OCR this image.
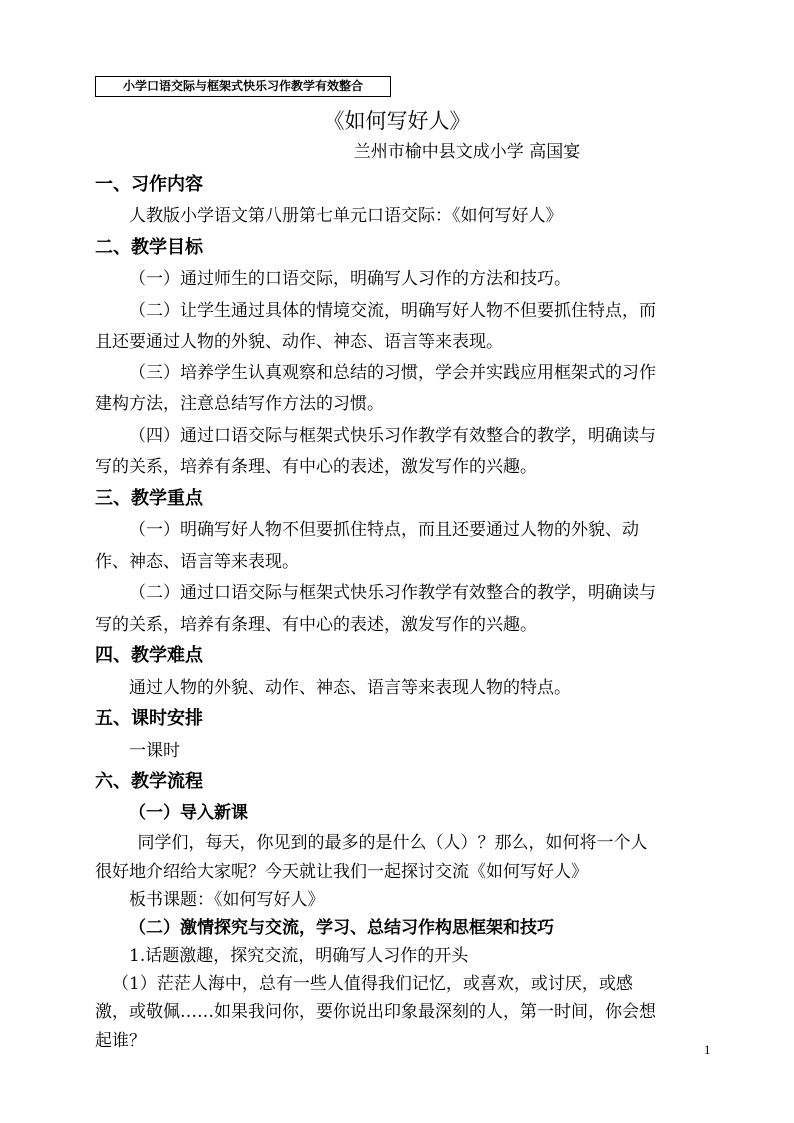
小学口语交际与框架式快乐习作教学有效整合
《如何写好人》
兰州市榆中县文成小学 高国宴
一、习作内容
人教版小学语文第八册第七单元口语交际：《如何写好人》
二、教学目标
（一）通过师生的口语交际，明确写人习作的方法和技巧。
（二）让学生通过具体的情境交流，明确写好人物不但要抓住特点，而
且还要通过人物的外貌、动作、神态、语言等来表现。
（三）培养学生认真观察和总结的习惯，学会并实践应用框架式的习作
建构方法，注意总结写作方法的习惯。
（四）通过口语交际与框架式快乐习作教学有效整合的教学，明确读与
写的关系，培养有条理、有中心的表述，激发写作的兴趣。
三、教学重点
（一）明确写好人物不但要抓住特点，而且还要通过人物的外貌、动
作、神态、语言等来表现。
（二）通过口语交际与框架式快乐习作教学有效整合的教学，明确读与
写的关系，培养有条理、有中心的表述，激发写作的兴趣。
四、教学难点
通过人物的外貌、动作、神态、语言等来表现人物的特点。
五、课时安排
一课时
六、教学流程
（一）导入新课
同学们，每天，你见到的最多的是什么（人）？那么，如何将一个人
很好地介绍给大家呢？今天就让我们一起探讨交流《如何写好人》
板书课题：《如何写好人》
（二）激情探究与交流，学习、总结习作构思框架和技巧
1.话题激趣，探究交流，明确写人习作的开头
（1）茫茫人海中，总有一些人值得我们记忆，或喜欢，或讨厌，或感
激，或敬佩……如果我问你，要你说出印象最深刻的人，第一时间，你会想
起谁？	1
